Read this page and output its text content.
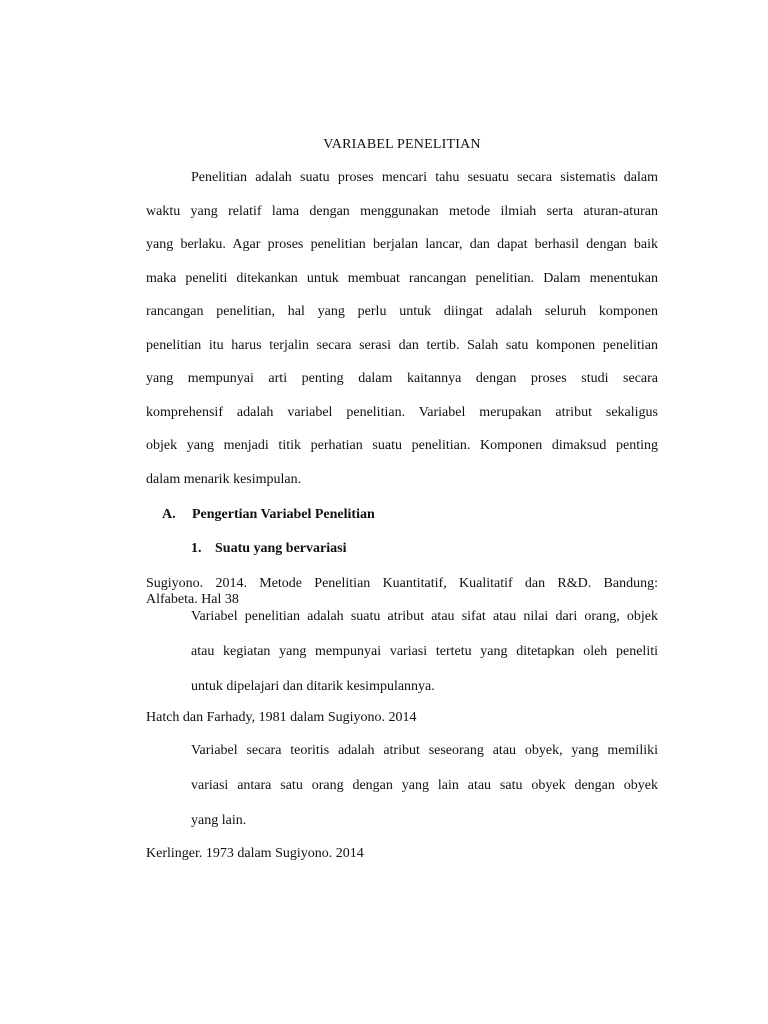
VARIABEL PENELITIAN
Penelitian adalah suatu proses mencari tahu sesuatu secara sistematis dalam
waktu yang relatif lama dengan menggunakan metode ilmiah serta aturan-aturan
yang berlaku. Agar proses penelitian berjalan lancar, dan dapat berhasil dengan baik
maka peneliti ditekankan untuk membuat rancangan penelitian. Dalam menentukan
rancangan penelitian, hal yang perlu untuk diingat adalah seluruh komponen
penelitian itu harus terjalin secara serasi dan tertib. Salah satu komponen penelitian
yang mempunyai arti penting dalam kaitannya dengan proses studi secara
komprehensif adalah variabel penelitian. Variabel merupakan atribut sekaligus
objek yang menjadi titik perhatian suatu penelitian. Komponen dimaksud penting
dalam menarik kesimpulan.
A. Pengertian Variabel Penelitian
1. Suatu yang bervariasi
Sugiyono. 2014. Metode Penelitian Kuantitatif, Kualitatif dan R&D. Bandung:
Alfabeta. Hal 38
Variabel penelitian adalah suatu atribut atau sifat atau nilai dari orang, objek
atau kegiatan yang mempunyai variasi tertetu yang ditetapkan oleh peneliti
untuk dipelajari dan ditarik kesimpulannya.
Hatch dan Farhady, 1981 dalam Sugiyono. 2014
Variabel secara teoritis adalah atribut seseorang atau obyek, yang memiliki
variasi antara satu orang dengan yang lain atau satu obyek dengan obyek
yang lain.
Kerlinger. 1973 dalam Sugiyono. 2014
